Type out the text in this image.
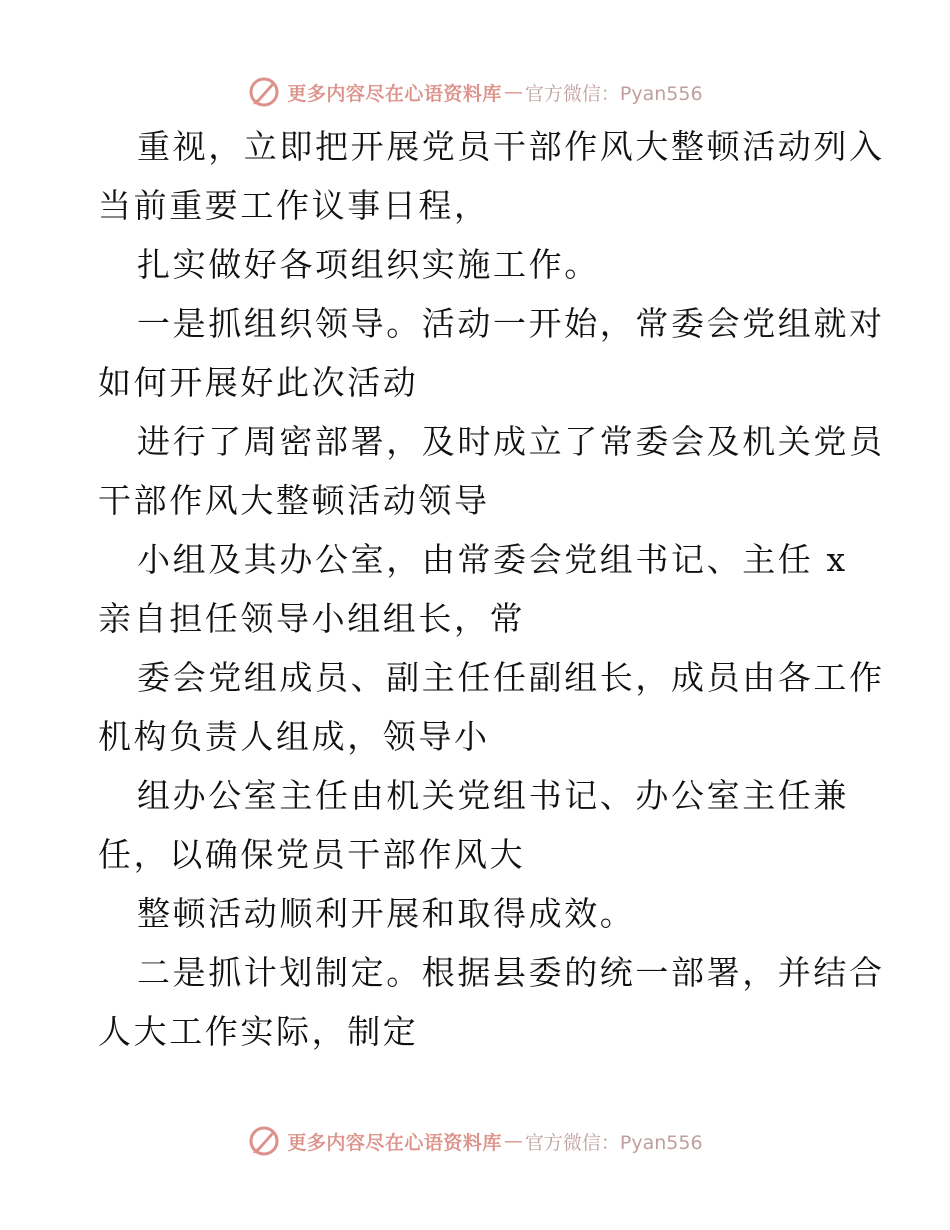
更多内容尽在心语资料库 — 官方微信：Pyan556
重视，立即把开展党员干部作风大整顿活动列入
当前重要工作议事日程，
扎实做好各项组织实施工作。
一是抓组织领导。活动一开始，常委会党组就对
如何开展好此次活动
进行了周密部署，及时成立了常委会及机关党员
干部作风大整顿活动领导
小组及其办公室，由常委会党组书记、主任 x
亲自担任领导小组组长，常
委会党组成员、副主任任副组长，成员由各工作
机构负责人组成，领导小
组办公室主任由机关党组书记、办公室主任兼
任，以确保党员干部作风大
整顿活动顺利开展和取得成效。
二是抓计划制定。根据县委的统一部署，并结合
人大工作实际，制定
更多内容尽在心语资料库 — 官方微信：Pyan556
